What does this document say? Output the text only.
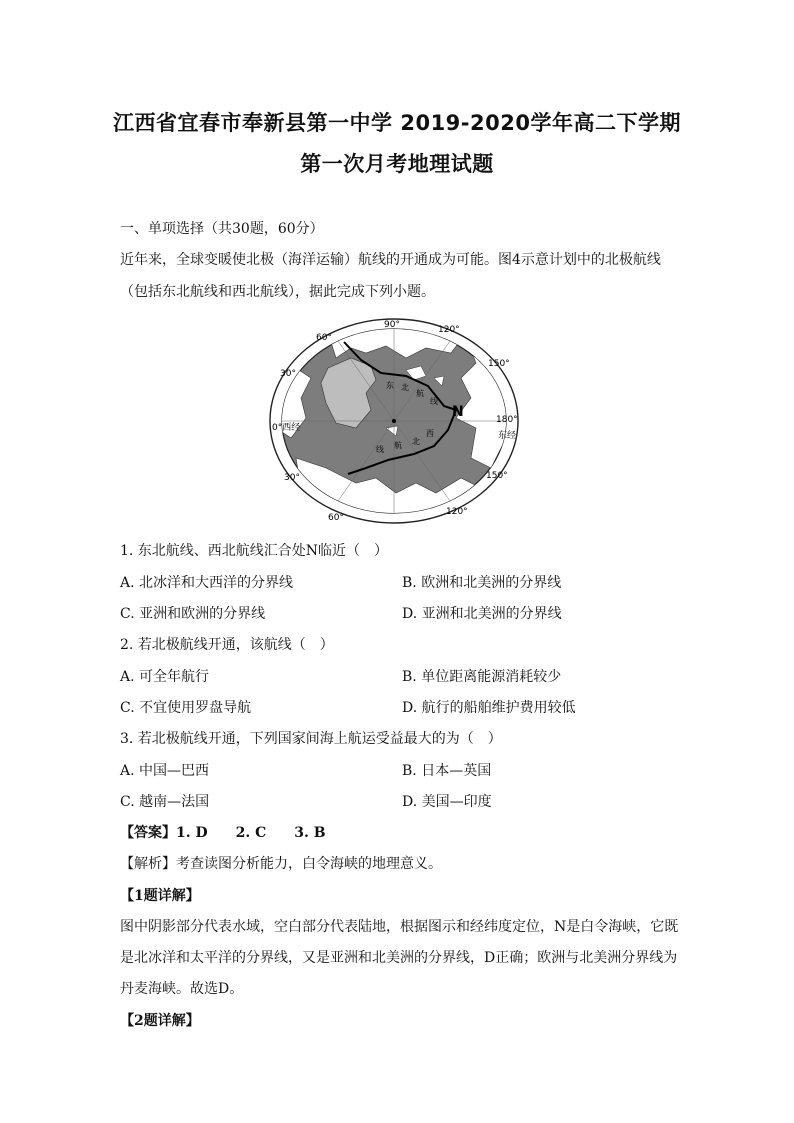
江西省宜春市奉新县第一中学 2019-2020学年高二下学期
第一次月考地理试题
一、单项选择（共30题，60分）
近年来，全球变暖使北极（海洋运输）航线的开通成为可能。图4示意计划中的北极航线
（包括东北航线和西北航线），据此完成下列小题。
90°	120°
60°
150°
30°
0°西经
180°
东经
30°	150°
60°
120°
东 北
航
线
西
北
航
线
N
1. 东北航线、西北航线汇合处N临近（　）
A. 北冰洋和大西洋的分界线	B. 欧洲和北美洲的分界线
C. 亚洲和欧洲的分界线	D. 亚洲和北美洲的分界线
2. 若北极航线开通，该航线（　）
A. 可全年航行	B. 单位距离能源消耗较少
C. 不宜使用罗盘导航	D. 航行的船舶维护费用较低
3. 若北极航线开通，下列国家间海上航运受益最大的为（　）
A. 中国—巴西	B. 日本—英国
C. 越南—法国	D. 美国—印度
【答案】1. D　　2. C　　3. B
【解析】考查读图分析能力，白令海峡的地理意义。
【1题详解】
图中阴影部分代表水域，空白部分代表陆地，根据图示和经纬度定位，N是白令海峡，它既
是北冰洋和太平洋的分界线，又是亚洲和北美洲的分界线，D正确；欧洲与北美洲分界线为
丹麦海峡。故选D。
【2题详解】
